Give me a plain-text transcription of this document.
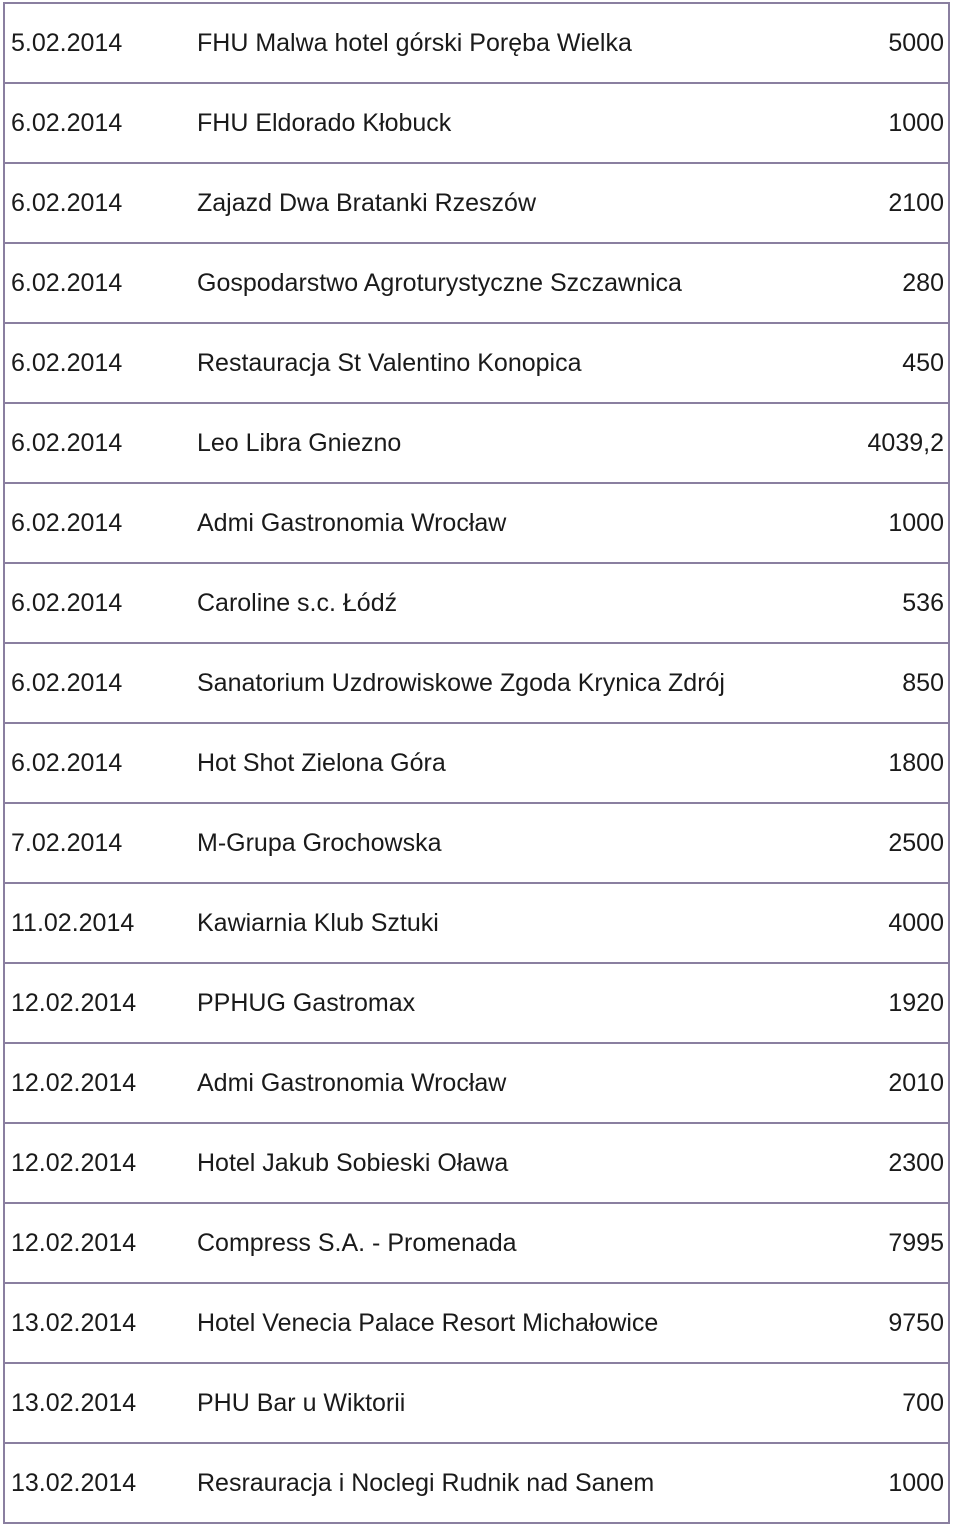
5.02.2014	FHU Malwa hotel górski Poręba Wielka	5000
6.02.2014	FHU Eldorado Kłobuck	1000
6.02.2014	Zajazd Dwa Bratanki Rzeszów	2100
6.02.2014	Gospodarstwo Agroturystyczne Szczawnica	280
6.02.2014	Restauracja St Valentino Konopica	450
6.02.2014	Leo Libra Gniezno	4039,2
6.02.2014	Admi Gastronomia Wrocław	1000
6.02.2014	Caroline s.c. Łódź	536
6.02.2014	Sanatorium Uzdrowiskowe Zgoda Krynica Zdrój	850
6.02.2014	Hot Shot Zielona Góra	1800
7.02.2014	M-Grupa Grochowska	2500
11.02.2014	Kawiarnia Klub Sztuki	4000
12.02.2014	PPHUG Gastromax	1920
12.02.2014	Admi Gastronomia Wrocław	2010
12.02.2014	Hotel Jakub Sobieski Oława	2300
12.02.2014	Compress S.A. - Promenada	7995
13.02.2014	Hotel Venecia Palace Resort Michałowice	9750
13.02.2014	PHU Bar u Wiktorii	700
13.02.2014	Resrauracja i Noclegi Rudnik nad Sanem	1000
